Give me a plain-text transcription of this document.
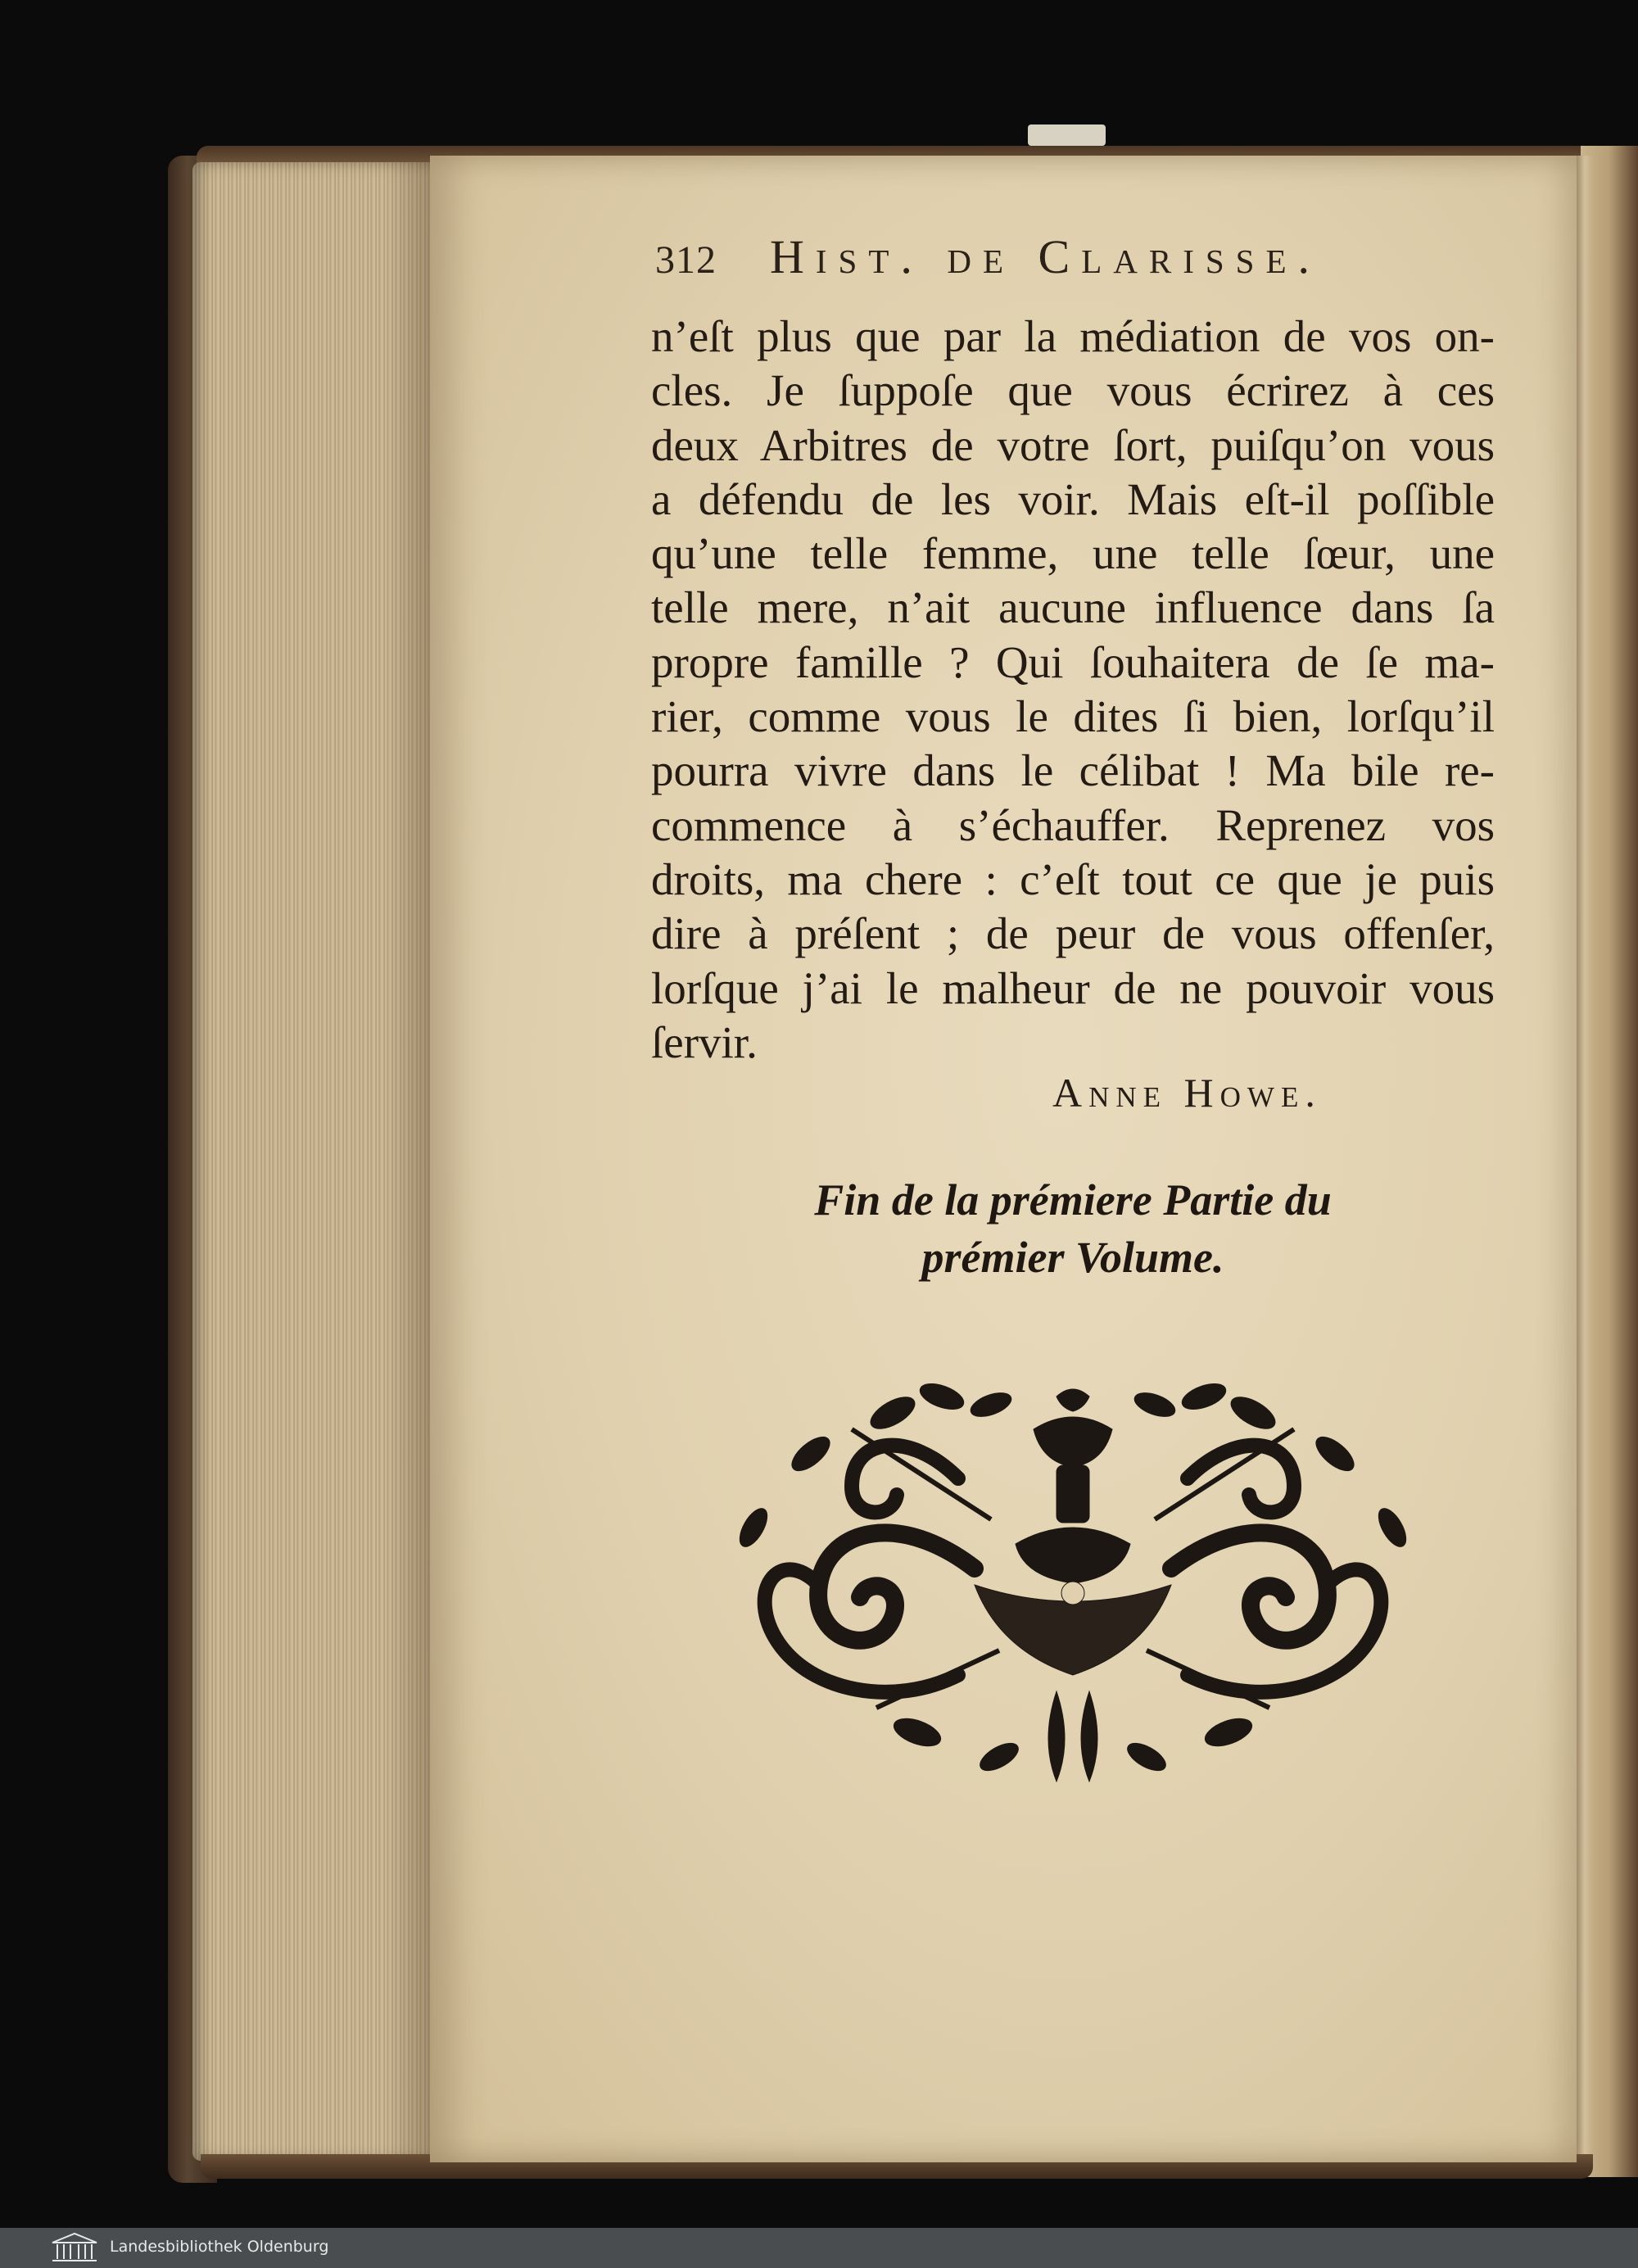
312 Hist. de Clarisse.
n’eſt plus que par la médiation de vos on-
cles. Je ſuppoſe que vous écrirez à ces
deux Arbitres de votre ſort, puiſqu’on vous
a défendu de les voir. Mais eſt-il poſſible
qu’une telle femme, une telle ſœur, une
telle mere, n’ait aucune influence dans ſa
propre famille ? Qui ſouhaitera de ſe ma-
rier, comme vous le dites ſi bien, lorſqu’il
pourra vivre dans le célibat ! Ma bile re-
commence à s’échauffer. Reprenez vos
droits, ma chere : c’eſt tout ce que je puis
dire à préſent ; de peur de vous offenſer,
lorſque j’ai le malheur de ne pouvoir vous
ſervir.
Anne Howe.
Fin de la prémiere Partie du
prémier Volume.
Landesbibliothek Oldenburg
